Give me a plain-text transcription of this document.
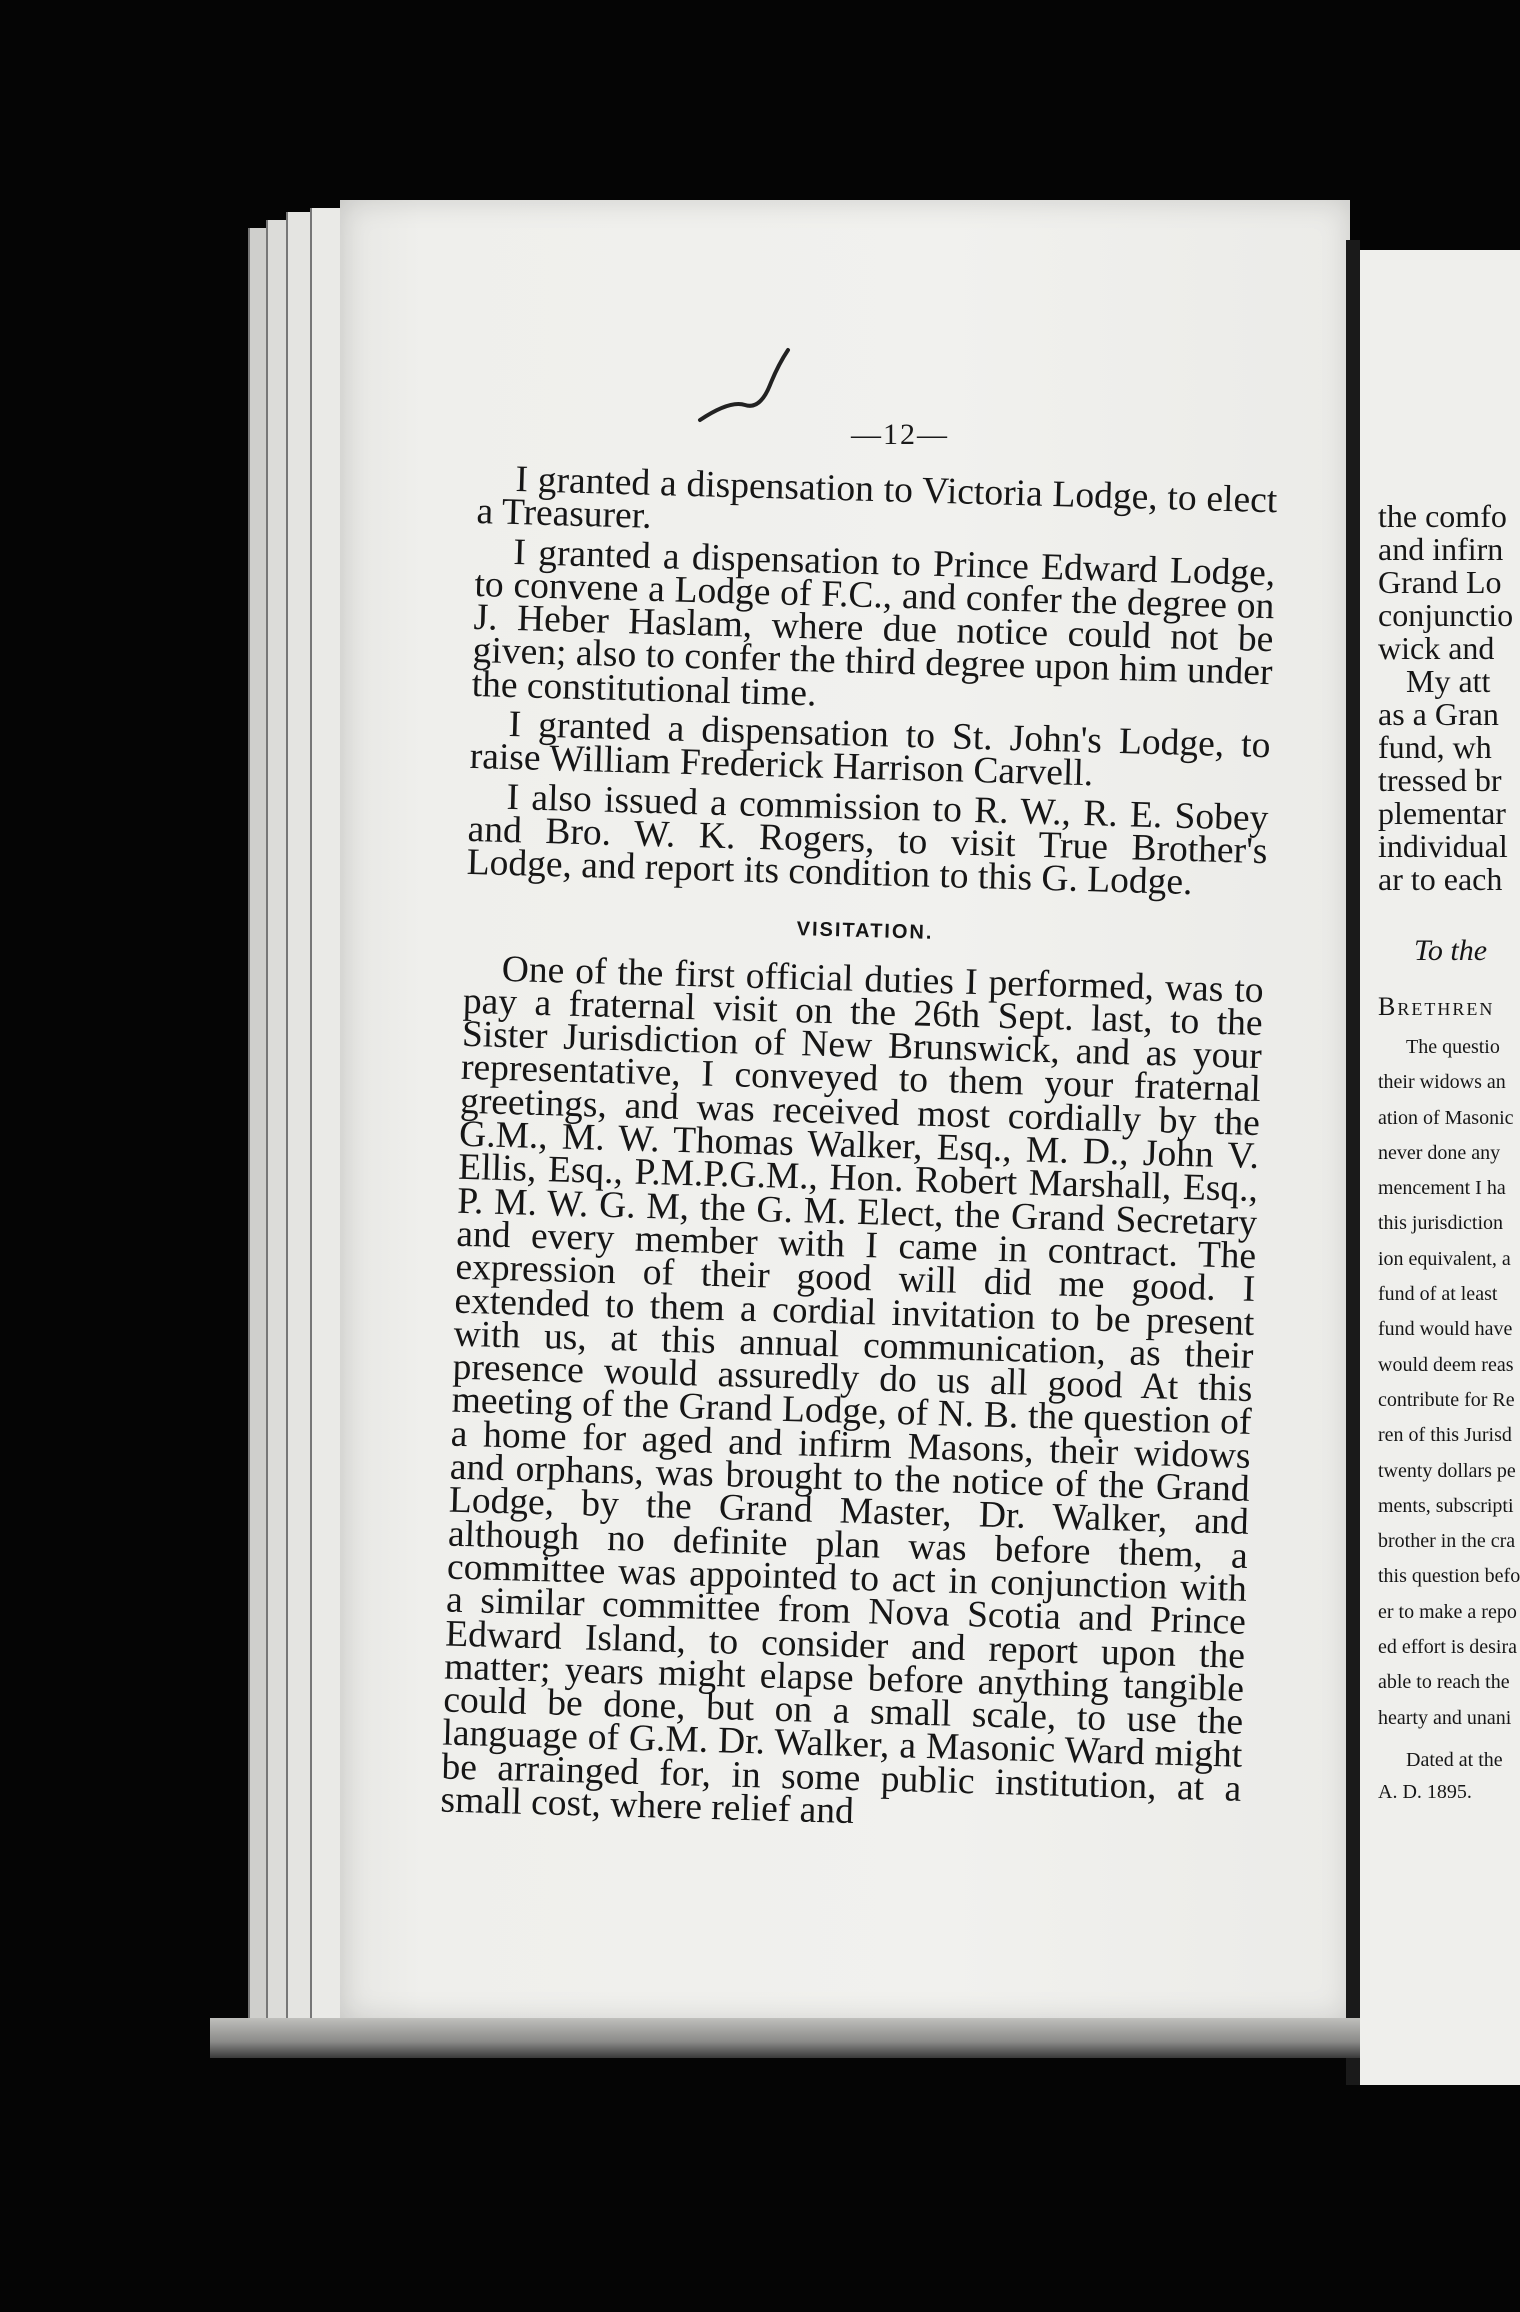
—12—

I granted a dispensation to Victoria Lodge, to elect a Treasurer.

I granted a dispensation to Prince Edward Lodge, to convene a Lodge of F.C., and confer the degree on J. Heber Haslam, where due notice could not be given; also to confer the third degree upon him under the constitutional time.

I granted a dispensation to St. John's Lodge, to raise William Frederick Harrison Carvell.

I also issued a commission to R. W., R. E. Sobey and Bro. W. K. Rogers, to visit True Brother's Lodge, and report its condition to this G. Lodge.

VISITATION.

One of the first official duties I performed, was to pay a fraternal visit on the 26th Sept. last, to the Sister Jurisdiction of New Brunswick, and as your representative, I conveyed to them your fraternal greetings, and was received most cordially by the G.M., M. W. Thomas Walker, Esq., M. D., John V. Ellis, Esq., P.M.P.G.M., Hon. Robert Marshall, Esq., P. M. W. G. M, the G. M. Elect, the Grand Secretary and every member with I came in contract. The expression of their good will did me good. I extended to them a cordial invitation to be present with us, at this annual communication, as their presence would assuredly do us all good At this meeting of the Grand Lodge, of N. B. the question of a home for aged and infirm Masons, their widows and orphans, was brought to the notice of the Grand Lodge, by the Grand Master, Dr. Walker, and although no definite plan was before them, a committee was appointed to act in conjunction with a similar committee from Nova Scotia and Prince Edward Island, to consider and report upon the matter; years might elapse before anything tangible could be done, but on a small scale, to use the language of G.M. Dr. Walker, a Masonic Ward might be arrainged for, in some public institution, at a small cost, where relief and

the comfo
and infirn
Grand Lo
conjunctio
wick and
My att
as a Gran
fund, wh
tressed br
plementar
individual
ar to each
To the
Brethren
The questio
their widows an
ation of Masonic
never done any
mencement I ha
this jurisdiction
ion equivalent, a
fund of at least
fund would have
would deem reas
contribute for Re
ren of this Jurisd
twenty dollars pe
ments, subscripti
brother in the cra
this question befo
er to make a repo
ed effort is desira
able to reach the
hearty and unani
Dated at the
A. D. 1895.
